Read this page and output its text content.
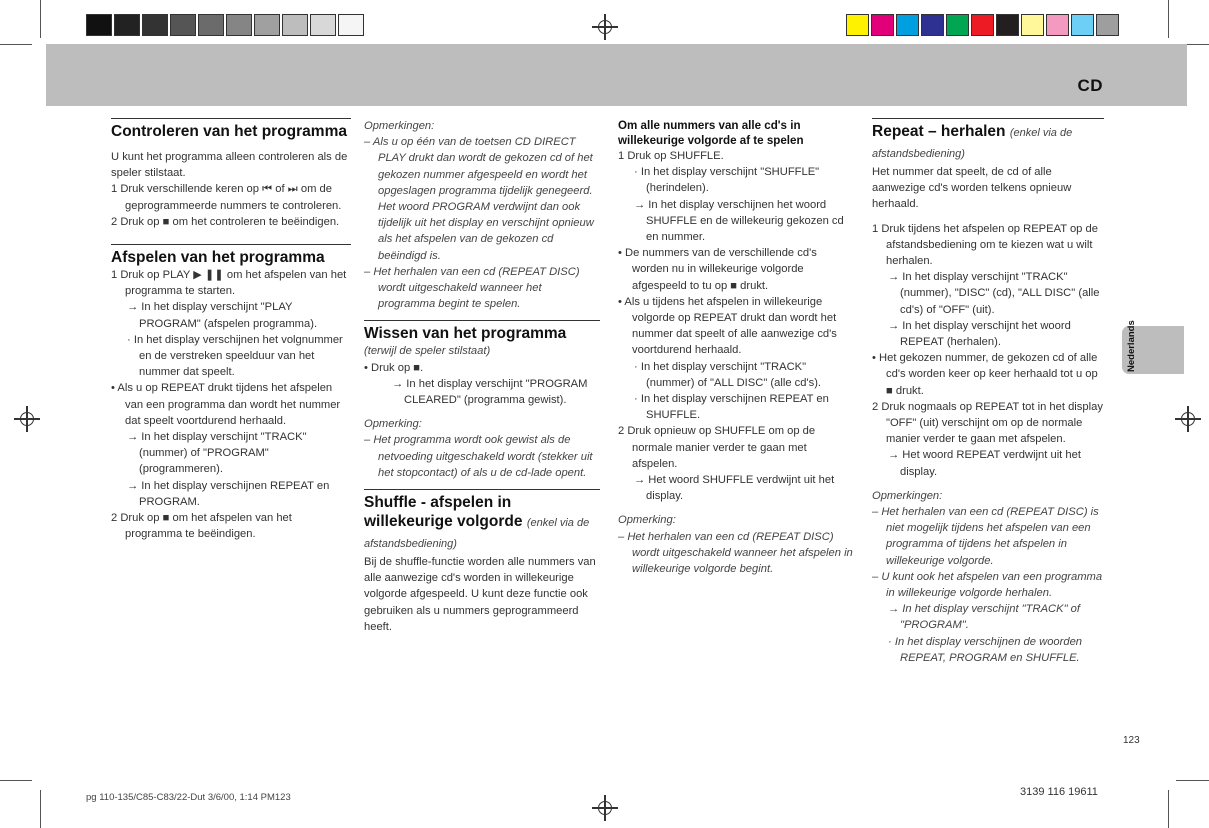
CD
Nederlands
Controleren van het programma

U kunt het programma alleen controleren als de speler stilstaat.

1 Druk verschillende keren op ⏮ of ⏭ om de geprogrammeerde nummers te controleren.

2 Druk op ■ om het controleren te beëindigen.

Afspelen van het programma

1 Druk op PLAY ▶ ❚❚ om het afspelen van het programma te starten.

→ In het display verschijnt "PLAY PROGRAM" (afspelen programma).

· In het display verschijnen het volgnummer en de verstreken speelduur van het nummer dat speelt.

• Als u op REPEAT drukt tijdens het afspelen van een programma dan wordt het nummer dat speelt voortdurend herhaald.

→ In het display verschijnt "TRACK" (nummer) of "PROGRAM" (programmeren).

→ In het display verschijnen REPEAT en PROGRAM.

2 Druk op ■ om het afspelen van het programma te beëindigen.

Opmerkingen:

– Als u op één van de toetsen CD DIRECT PLAY drukt dan wordt de gekozen cd of het gekozen nummer afgespeeld en wordt het opgeslagen programma tijdelijk genegeerd. Het woord PROGRAM verdwijnt dan ook tijdelijk uit het display en verschijnt opnieuw als het afspelen van de gekozen cd beëindigd is.

– Het herhalen van een cd (REPEAT DISC) wordt uitgeschakeld wanneer het programma begint te spelen.

Wissen van het programma

(terwijl de speler stilstaat)

• Druk op ■.

→ In het display verschijnt "PROGRAM CLEARED" (programma gewist).

Opmerking:

– Het programma wordt ook gewist als de netvoeding uitgeschakeld wordt (stekker uit het stopcontact) of als u de cd-lade opent.

Shuffle - afspelen in willekeurige volgorde (enkel via de afstandsbediening)

Bij de shuffle-functie worden alle nummers van alle aanwezige cd's worden in willekeurige volgorde afgespeeld. U kunt deze functie ook gebruiken als u nummers geprogrammeerd heeft.

Om alle nummers van alle cd's in willekeurige volgorde af te spelen

1 Druk op SHUFFLE.

· In het display verschijnt "SHUFFLE" (herindelen).

→ In het display verschijnen het woord SHUFFLE en de willekeurig gekozen cd en nummer.

• De nummers van de verschillende cd's worden nu in willekeurige volgorde afgespeeld to tu op ■ drukt.

• Als u tijdens het afspelen in willekeurige volgorde op REPEAT drukt dan wordt het nummer dat speelt of alle aanwezige cd's voortdurend herhaald.

· In het display verschijnt "TRACK" (nummer) of "ALL DISC" (alle cd's).

· In het display verschijnen REPEAT en SHUFFLE.

2 Druk opnieuw op SHUFFLE om op de normale manier verder te gaan met afspelen.

→ Het woord SHUFFLE verdwijnt uit het display.

Opmerking:

– Het herhalen van een cd (REPEAT DISC) wordt uitgeschakeld wanneer het afspelen in willekeurige volgorde begint.

Repeat – herhalen (enkel via de afstandsbediening)

Het nummer dat speelt, de cd of alle aanwezige cd's worden telkens opnieuw herhaald.

1 Druk tijdens het afspelen op REPEAT op de afstandsbediening om te kiezen wat u wilt herhalen.

→ In het display verschijnt "TRACK" (nummer), "DISC" (cd), "ALL DISC" (alle cd's) of "OFF" (uit).

→ In het display verschijnt het woord REPEAT (herhalen).

• Het gekozen nummer, de gekozen cd of alle cd's worden keer op keer herhaald tot u op ■ drukt.

2 Druk nogmaals op REPEAT tot in het display "OFF" (uit) verschijnt om op de normale manier verder te gaan met afspelen.

→ Het woord REPEAT verdwijnt uit het display.

Opmerkingen:

– Het herhalen van een cd (REPEAT DISC) is niet mogelijk tijdens het afspelen van een programma of tijdens het afspelen in willekeurige volgorde.

– U kunt ook het afspelen van een programma in willekeurige volgorde herhalen.

→ In het display verschijnt "TRACK" of "PROGRAM".

· In het display verschijnen de woorden REPEAT, PROGRAM en SHUFFLE.

123
pg 110-135/C85-C83/22-Dut 3/6/00, 1:14 PM123	3139 116 19611
